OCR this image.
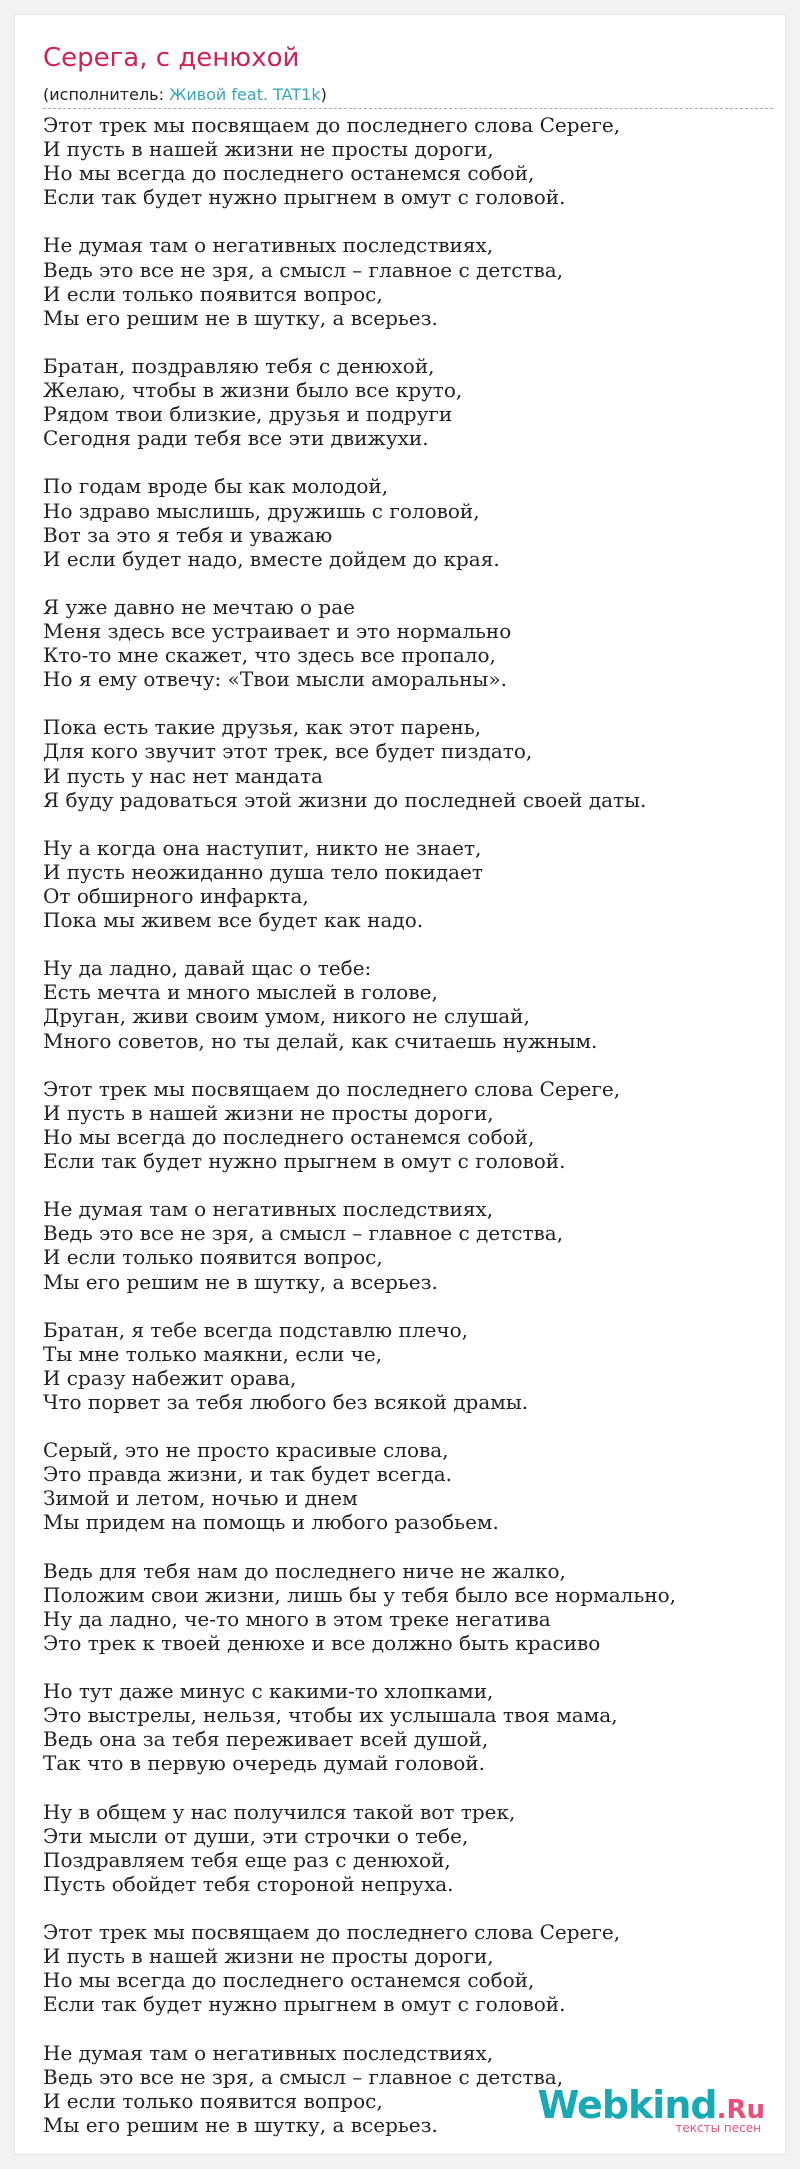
Серега, с денюхой
(исполнитель: Живой feat. TAT1k)

Этот трек мы посвящаем до последнего слова Сереге,
И пусть в нашей жизни не просты дороги,
Но мы всегда до последнего останемся собой,
Если так будет нужно прыгнем в омут с головой.

Не думая там о негативных последствиях,
Ведь это все не зря, а смысл – главное с детства,
И если только появится вопрос,
Мы его решим не в шутку, а всерьез.

Братан, поздравляю тебя с денюхой,
Желаю, чтобы в жизни было все круто,
Рядом твои близкие, друзья и подруги
Сегодня ради тебя все эти движухи.

По годам вроде бы как молодой,
Но здраво мыслишь, дружишь с головой,
Вот за это я тебя и уважаю
И если будет надо, вместе дойдем до края.

Я уже давно не мечтаю о рае
Меня здесь все устраивает и это нормально
Кто-то мне скажет, что здесь все пропало,
Но я ему отвечу: «Твои мысли аморальны».

Пока есть такие друзья, как этот парень,
Для кого звучит этот трек, все будет пиздато,
И пусть у нас нет мандата
Я буду радоваться этой жизни до последней своей даты.

Ну а когда она наступит, никто не знает,
И пусть неожиданно душа тело покидает
От обширного инфаркта,
Пока мы живем все будет как надо.

Ну да ладно, давай щас о тебе:
Есть мечта и много мыслей в голове,
Друган, живи своим умом, никого не слушай,
Много советов, но ты делай, как считаешь нужным.

Этот трек мы посвящаем до последнего слова Сереге,
И пусть в нашей жизни не просты дороги,
Но мы всегда до последнего останемся собой,
Если так будет нужно прыгнем в омут с головой.

Не думая там о негативных последствиях,
Ведь это все не зря, а смысл – главное с детства,
И если только появится вопрос,
Мы его решим не в шутку, а всерьез.

Братан, я тебе всегда подставлю плечо,
Ты мне только маякни, если че,
И сразу набежит орава,
Что порвет за тебя любого без всякой драмы.

Серый, это не просто красивые слова,
Это правда жизни, и так будет всегда.
Зимой и летом, ночью и днем
Мы придем на помощь и любого разобьем.

Ведь для тебя нам до последнего ниче не жалко,
Положим свои жизни, лишь бы у тебя было все нормально,
Ну да ладно, че-то много в этом треке негатива
Это трек к твоей денюхе и все должно быть красиво

Но тут даже минус с какими-то хлопками,
Это выстрелы, нельзя, чтобы их услышала твоя мама,
Ведь она за тебя переживает всей душой,
Так что в первую очередь думай головой.

Ну в общем у нас получился такой вот трек,
Эти мысли от души, эти строчки о тебе,
Поздравляем тебя еще раз с денюхой,
Пусть обойдет тебя стороной непруха.

Этот трек мы посвящаем до последнего слова Сереге,
И пусть в нашей жизни не просты дороги,
Но мы всегда до последнего останемся собой,
Если так будет нужно прыгнем в омут с головой.

Не думая там о негативных последствиях,
Ведь это все не зря, а смысл – главное с детства,
И если только появится вопрос,
Мы его решим не в шутку, а всерьез.	Webkind.Ru
тексты песен
